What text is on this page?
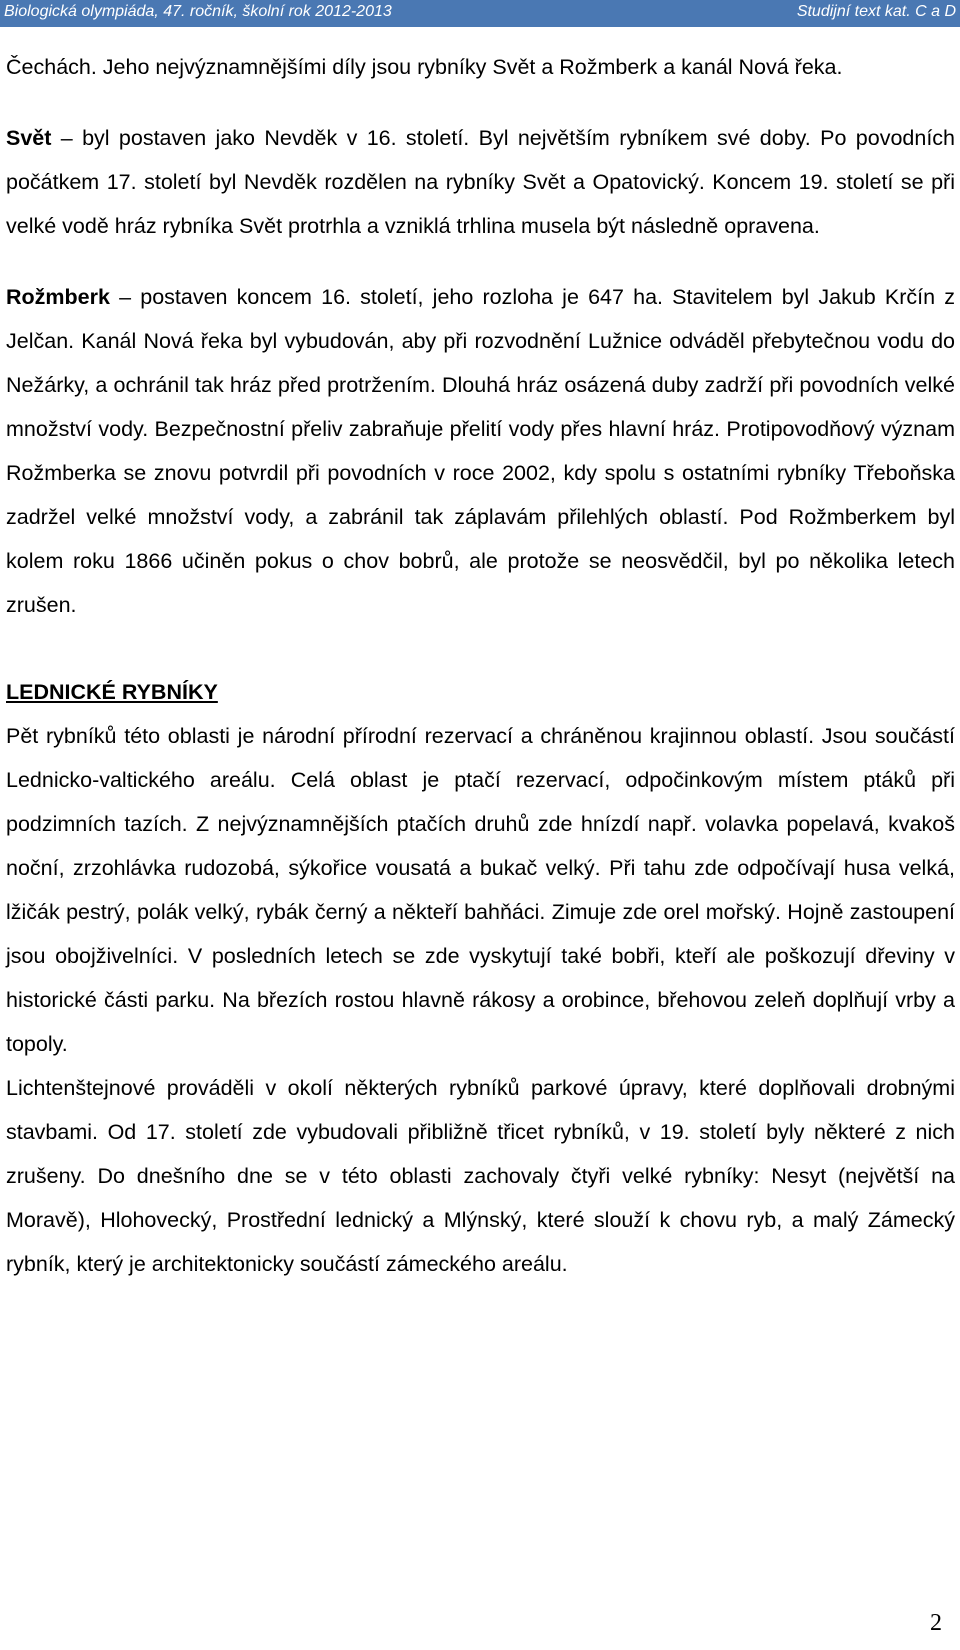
Biologická olympiáda, 47. ročník, školní rok 2012-2013	Studijní text kat. C a D

Čechách. Jeho nejvýznamnějšími díly jsou rybníky Svět a Rožmberk a kanál Nová řeka.

Svět – byl postaven jako Nevděk v 16. století. Byl největším rybníkem své doby. Po povodních počátkem 17. století byl Nevděk rozdělen na rybníky Svět a Opatovický. Koncem 19. století se při velké vodě hráz rybníka Svět protrhla a vzniklá trhlina musela být následně opravena.

Rožmberk – postaven koncem 16. století, jeho rozloha je 647 ha. Stavitelem byl Jakub Krčín z Jelčan. Kanál Nová řeka byl vybudován, aby při rozvodnění Lužnice odváděl přebytečnou vodu do Nežárky, a ochránil tak hráz před protržením. Dlouhá hráz osázená duby zadrží při povodních velké množství vody. Bezpečnostní přeliv zabraňuje přelití vody přes hlavní hráz. Protipovodňový význam Rožmberka se znovu potvrdil při povodních v roce 2002, kdy spolu s ostatními rybníky Třeboňska zadržel velké množství vody, a zabránil tak záplavám přilehlých oblastí. Pod Rožmberkem byl kolem roku 1866 učiněn pokus o chov bobrů, ale protože se neosvědčil, byl po několika letech zrušen.

LEDNICKÉ RYBNÍKY

Pět rybníků této oblasti je národní přírodní rezervací a chráněnou krajinnou oblastí. Jsou součástí Lednicko-valtického areálu. Celá oblast je ptačí rezervací, odpočinkovým místem ptáků při podzimních tazích. Z nejvýznamnějších ptačích druhů zde hnízdí např. volavka popelavá, kvakoš noční, zrzohlávka rudozobá, sýkořice vousatá a bukač velký. Při tahu zde odpočívají husa velká, lžičák pestrý, polák velký, rybák černý a někteří bahňáci. Zimuje zde orel mořský. Hojně zastoupení jsou obojživelníci. V posledních letech se zde vyskytují také bobři, kteří ale poškozují dřeviny v historické části parku. Na březích rostou hlavně rákosy a orobince, břehovou zeleň doplňují vrby a topoly.

Lichtenštejnové prováděli v okolí některých rybníků parkové úpravy, které doplňovali drobnými stavbami. Od 17. století zde vybudovali přibližně třicet rybníků, v 19. století byly některé z nich zrušeny. Do dnešního dne se v této oblasti zachovaly čtyři velké rybníky: Nesyt (největší na Moravě), Hlohovecký, Prostřední lednický a Mlýnský, které slouží k chovu ryb, a malý Zámecký rybník, který je architektonicky součástí zámeckého areálu.

2
